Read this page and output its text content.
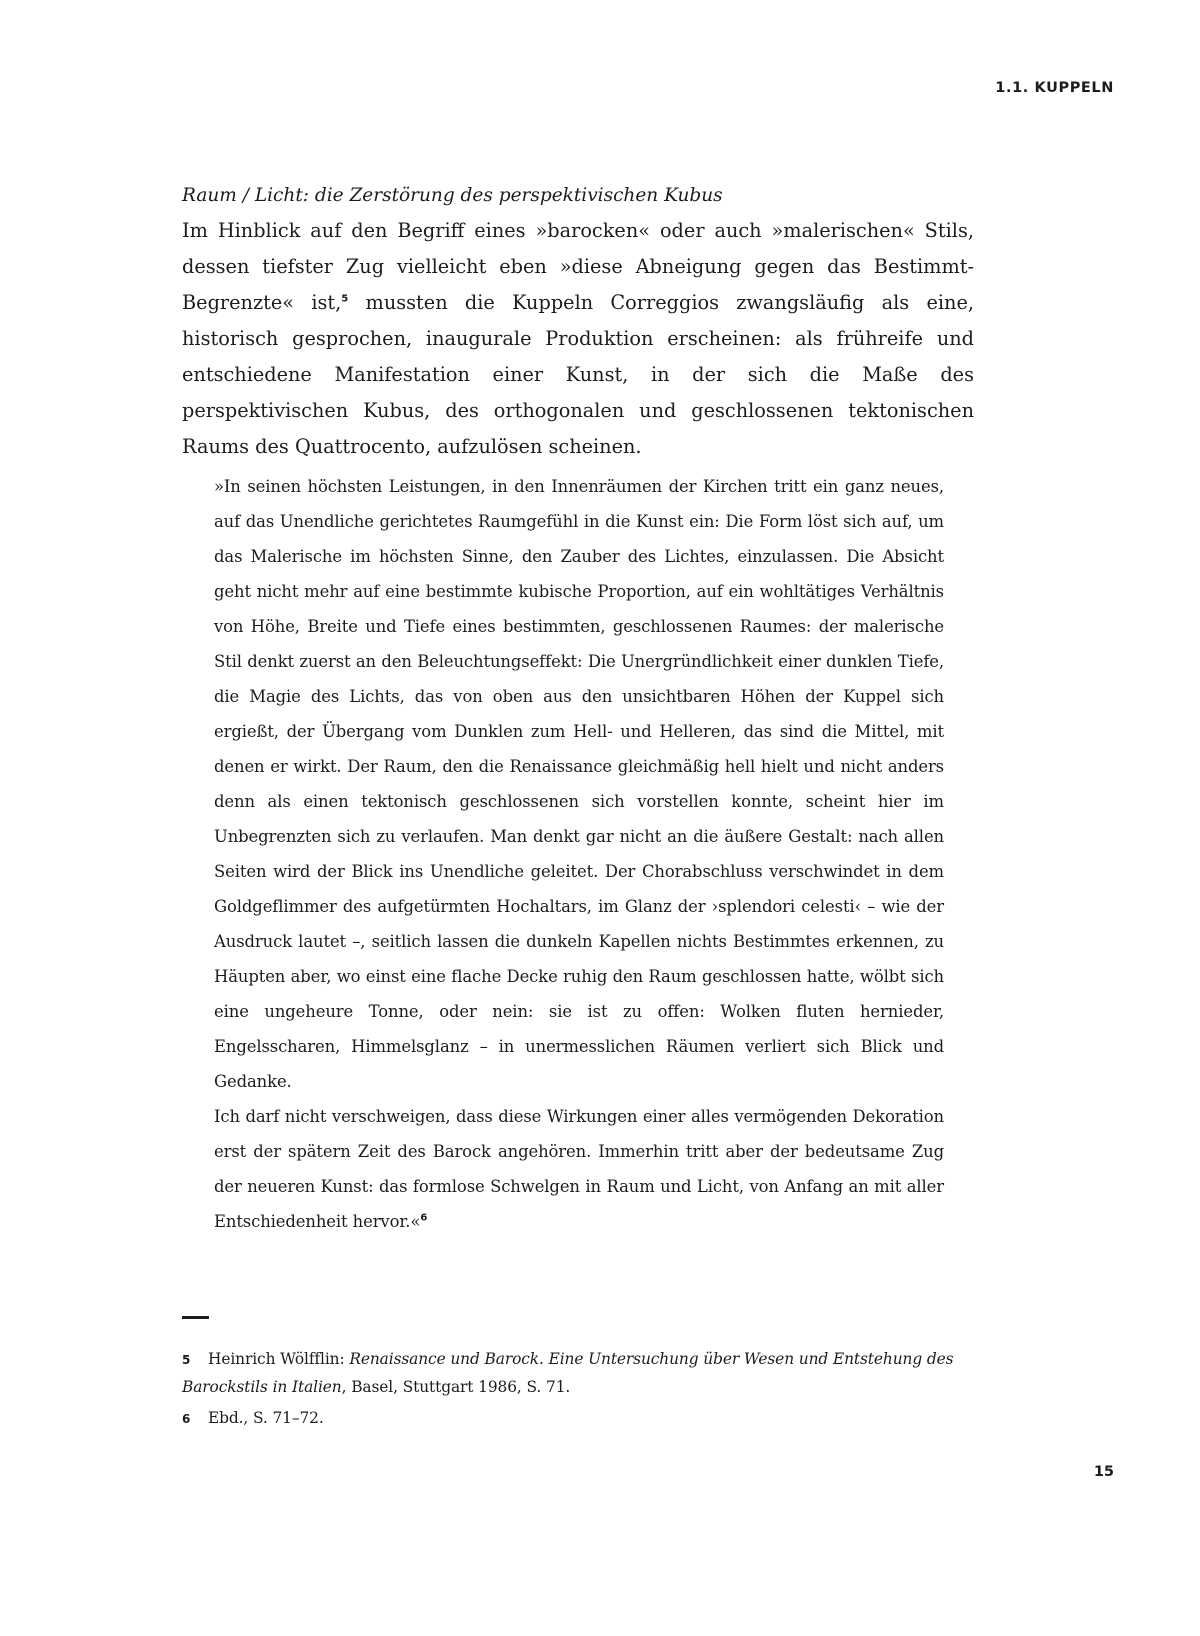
1.1. KUPPELN
Raum / Licht: die Zerstörung des perspektivischen Kubus

Im Hinblick auf den Begriff eines »barocken« oder auch »malerischen« Stils, dessen tiefster Zug vielleicht eben »diese Abneigung gegen das Bestimmt-Begrenzte« ist,$^5$ mussten die Kuppeln Correggios zwangsläufig als eine, historisch gesprochen, inaugurale Produktion erscheinen: als frühreife und entschiedene Manifestation einer Kunst, in der sich die Maße des perspektivischen Kubus, des orthogonalen und geschlossenen tektonischen Raums des Quattrocento, aufzulösen scheinen.

»In seinen höchsten Leistungen, in den Innenräumen der Kirchen tritt ein ganz neues, auf das Unendliche gerichtetes Raumgefühl in die Kunst ein: Die Form löst sich auf, um das Malerische im höchsten Sinne, den Zauber des Lichtes, einzulassen. Die Absicht geht nicht mehr auf eine bestimmte kubische Proportion, auf ein wohltätiges Verhältnis von Höhe, Breite und Tiefe eines bestimmten, geschlossenen Raumes: der malerische Stil denkt zuerst an den Beleuchtungseffekt: Die Unergründlichkeit einer dunklen Tiefe, die Magie des Lichts, das von oben aus den unsichtbaren Höhen der Kuppel sich ergießt, der Übergang vom Dunklen zum Hell- und Helleren, das sind die Mittel, mit denen er wirkt. Der Raum, den die Renaissance gleichmäßig hell hielt und nicht anders denn als einen tektonisch geschlossenen sich vorstellen konnte, scheint hier im Unbegrenzten sich zu verlaufen. Man denkt gar nicht an die äußere Gestalt: nach allen Seiten wird der Blick ins Unendliche geleitet. Der Chorabschluss verschwindet in dem Goldgeflimmer des aufgetürmten Hochaltars, im Glanz der ›splendori celesti‹ – wie der Ausdruck lautet –, seitlich lassen die dunkeln Kapellen nichts Bestimmtes erkennen, zu Häupten aber, wo einst eine flache Decke ruhig den Raum geschlossen hatte, wölbt sich eine ungeheure Tonne, oder nein: sie ist zu offen: Wolken fluten hernieder, Engelsscharen, Himmelsglanz – in unermesslichen Räumen verliert sich Blick und Gedanke.

Ich darf nicht verschweigen, dass diese Wirkungen einer alles vermögenden Dekoration erst der spätern Zeit des Barock angehören. Immerhin tritt aber der bedeutsame Zug der neueren Kunst: das formlose Schwelgen in Raum und Licht, von Anfang an mit aller Entschiedenheit hervor.«$^6$

5 Heinrich Wölfflin: Renaissance und Barock. Eine Untersuchung über Wesen und Entstehung des Barockstils in Italien, Basel, Stuttgart 1986, S. 71.

6 Ebd., S. 71–72.

15
